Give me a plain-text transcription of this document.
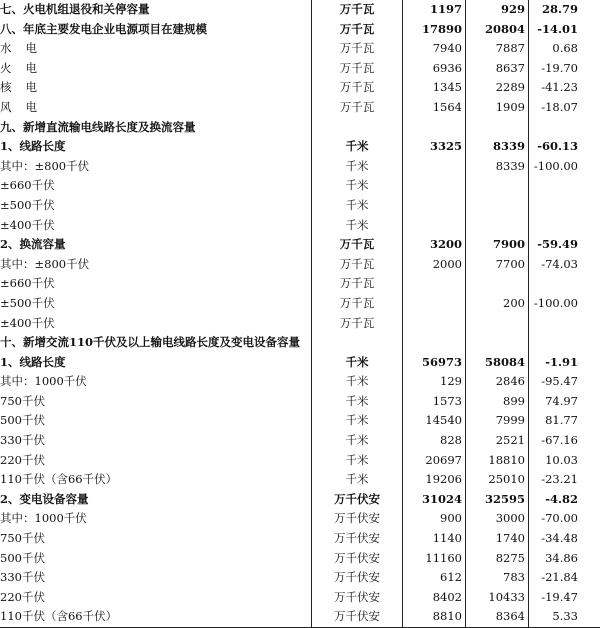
七、火电机组退役和关停容量	万千瓦	1197	929	28.79
八、年底主要发电企业电源项目在建规模	万千瓦	17890	20804	-14.01
水电	万千瓦	7940	7887	0.68
火电	万千瓦	6936	8637	-19.70
核电	万千瓦	1345	2289	-41.23
风电	万千瓦	1564	1909	-18.07
九、新增直流输电线路长度及换流容量				
1、线路长度	千米	3325	8339	-60.13
其中：±800千伏	千米		8339	-100.00
±660千伏	千米			
±500千伏	千米			
±400千伏	千米			
2、换流容量	万千瓦	3200	7900	-59.49
其中：±800千伏	万千瓦	2000	7700	-74.03
±660千伏	万千瓦			
±500千伏	万千瓦		200	-100.00
±400千伏	万千瓦			
十、新增交流110千伏及以上输电线路长度及变电设备容量				
1、线路长度	千米	56973	58084	-1.91
其中：1000千伏	千米	129	2846	-95.47
750千伏	千米	1573	899	74.97
500千伏	千米	14540	7999	81.77
330千伏	千米	828	2521	-67.16
220千伏	千米	20697	18810	10.03
110千伏（含66千伏）	千米	19206	25010	-23.21
2、变电设备容量	万千伏安	31024	32595	-4.82
其中：1000千伏	万千伏安	900	3000	-70.00
750千伏	万千伏安	1140	1740	-34.48
500千伏	万千伏安	11160	8275	34.86
330千伏	万千伏安	612	783	-21.84
220千伏	万千伏安	8402	10433	-19.47
110千伏（含66千伏）	万千伏安	8810	8364	5.33
